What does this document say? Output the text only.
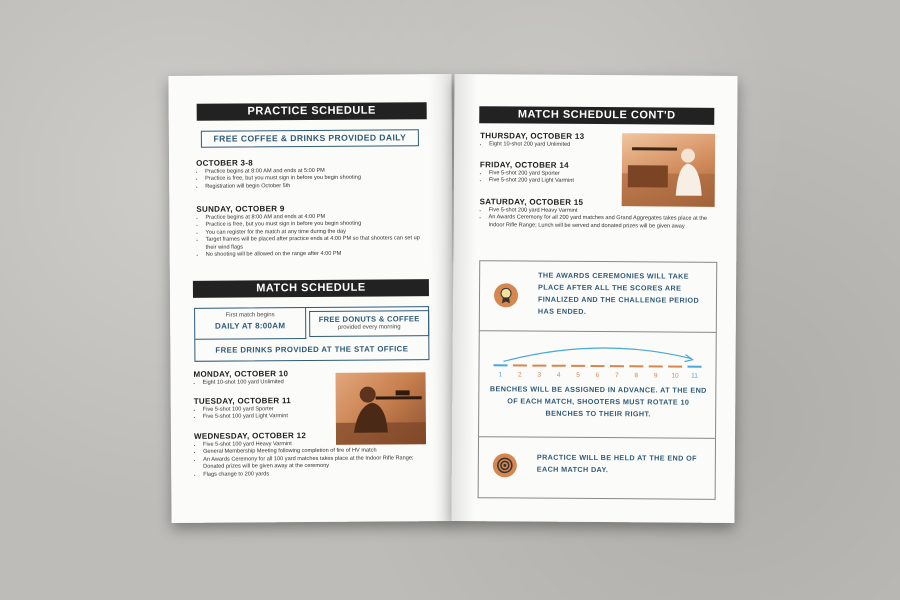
PRACTICE SCHEDULE
FREE COFFEE & DRINKS PROVIDED DAILY
OCTOBER 3-8
• Practice begins at 8:00 AM and ends at 5:00 PM
• Practice is free, but you must sign in before you begin shooting
• Registration will begin October 5th
SUNDAY, OCTOBER 9
• Practice begins at 8:00 AM and ends at 4:00 PM
• Practice is free, but you must sign in before you begin shooting
• You can register for the match at any time during the day
• Target frames will be placed after practice ends at 4:00 PM so that shooters can set up their wind flags
• No shooting will be allowed on the range after 4:00 PM
MATCH SCHEDULE
First match begins
DAILY AT 8:00AM
FREE DONUTS & COFFEE
provided every morning
FREE DRINKS PROVIDED AT THE STAT OFFICE
MONDAY, OCTOBER 10
• Eight 10-shot 100 yard Unlimited
TUESDAY, OCTOBER 11
• Five 5-shot 100 yard Sporter
• Five 5-shot 100 yard Light Varmint
WEDNESDAY, OCTOBER 12
• Five 5-shot 100 yard Heavy Varmint
• General Membership Meeting following completion of fire of HV match
• An Awards Ceremony for all 100 yard matches takes place at the Indoor Rifle Range; Donated prizes will be given away at the ceremony
• Flags change to 200 yards
MATCH SCHEDULE CONT'D
THURSDAY, OCTOBER 13
• Eight 10-shot 200 yard Unlimited
FRIDAY, OCTOBER 14
• Five 5-shot 200 yard Sporter
• Five 5-shot 200 yard Light Varmint
SATURDAY, OCTOBER 15
• Five 5-shot 200 yard Heavy Varmint
• An Awards Ceremony for all 200 yard matches and Grand Aggregates takes place at the Indoor Rifle Range; Lunch will be served and donated prizes will be given away
THE AWARDS CEREMONIES WILL TAKE PLACE AFTER ALL THE SCORES ARE FINALIZED AND THE CHALLENGE PERIOD HAS ENDED.
1 2 3 4 5 6 7 8 9 10 11
BENCHES WILL BE ASSIGNED IN ADVANCE. AT THE END OF EACH MATCH, SHOOTERS MUST ROTATE 10 BENCHES TO THEIR RIGHT.
PRACTICE WILL BE HELD AT THE END OF EACH MATCH DAY.
